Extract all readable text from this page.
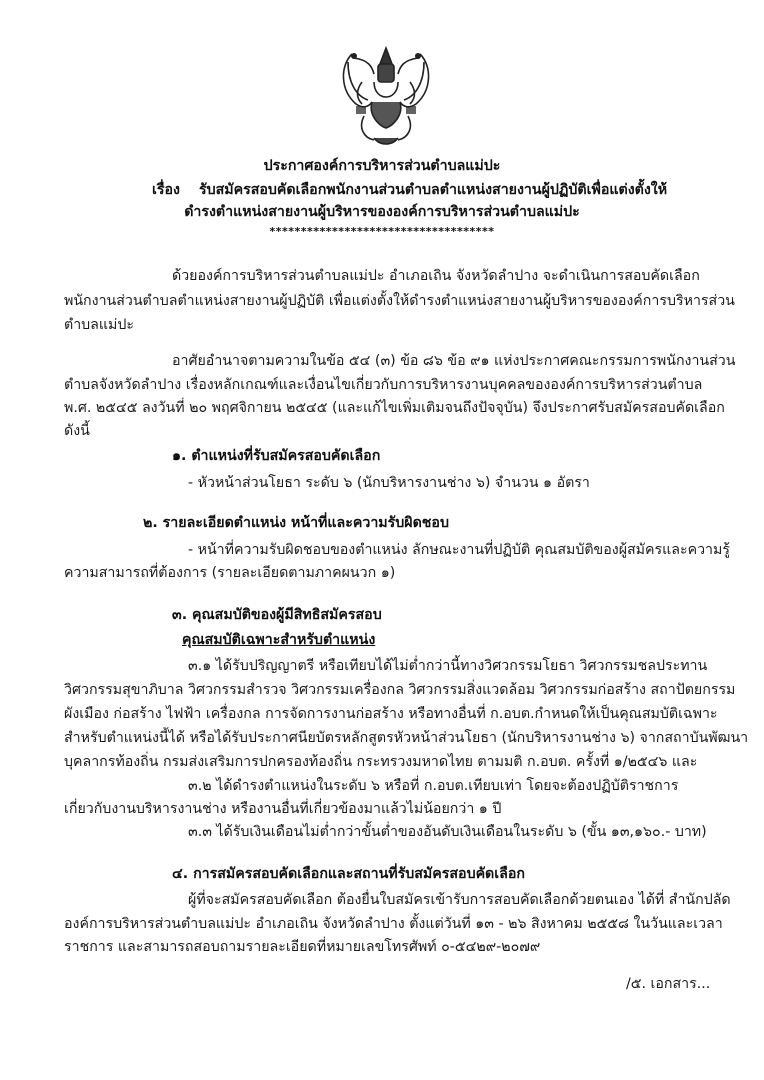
ประกาศองค์การบริหารส่วนตำบลแม่ปะ
เรื่อง รับสมัครสอบคัดเลือกพนักงานส่วนตำบลตำแหน่งสายงานผู้ปฏิบัติเพื่อแต่งตั้งให้
ดำรงตำแหน่งสายงานผู้บริหารขององค์การบริหารส่วนตำบลแม่ปะ
************************************
ด้วยองค์การบริหารส่วนตำบลแม่ปะ อำเภอเถิน จังหวัดลำปาง จะดำเนินการสอบคัดเลือก
พนักงานส่วนตำบลตำแหน่งสายงานผู้ปฏิบัติ เพื่อแต่งตั้งให้ดำรงตำแหน่งสายงานผู้บริหารขององค์การบริหารส่วน
ตำบลแม่ปะ
อาศัยอำนาจตามความในข้อ ๕๔ (๓) ข้อ ๘๖ ข้อ ๙๑ แห่งประกาศคณะกรรมการพนักงานส่วน
ตำบลจังหวัดลำปาง เรื่องหลักเกณฑ์และเงื่อนไขเกี่ยวกับการบริหารงานบุคคลขององค์การบริหารส่วนตำบล
พ.ศ. ๒๕๔๕ ลงวันที่ ๒๐ พฤศจิกายน ๒๕๔๕ (และแก้ไขเพิ่มเติมจนถึงปัจจุบัน) จึงประกาศรับสมัครสอบคัดเลือก
ดังนี้
๑. ตำแหน่งที่รับสมัครสอบคัดเลือก
- หัวหน้าส่วนโยธา ระดับ ๖ (นักบริหารงานช่าง ๖) จำนวน ๑ อัตรา
๒. รายละเอียดตำแหน่ง หน้าที่และความรับผิดชอบ
- หน้าที่ความรับผิดชอบของตำแหน่ง ลักษณะงานที่ปฏิบัติ คุณสมบัติของผู้สมัครและความรู้
ความสามารถที่ต้องการ (รายละเอียดตามภาคผนวก ๑)
๓. คุณสมบัติของผู้มีสิทธิสมัครสอบ
คุณสมบัติเฉพาะสำหรับตำแหน่ง
๓.๑ ได้รับปริญญาตรี หรือเทียบได้ไม่ต่ำกว่านี้ทางวิศวกรรมโยธา วิศวกรรมชลประทาน
วิศวกรรมสุขาภิบาล วิศวกรรมสำรวจ วิศวกรรมเครื่องกล วิศวกรรมสิ่งแวดล้อม วิศวกรรมก่อสร้าง สถาปัตยกรรม
ผังเมือง ก่อสร้าง ไฟฟ้า เครื่องกล การจัดการงานก่อสร้าง หรือทางอื่นที่ ก.อบต.กำหนดให้เป็นคุณสมบัติเฉพาะ
สำหรับตำแหน่งนี้ได้ หรือได้รับประกาศนียบัตรหลักสูตรหัวหน้าส่วนโยธา (นักบริหารงานช่าง ๖) จากสถาบันพัฒนา
บุคลากรท้องถิ่น กรมส่งเสริมการปกครองท้องถิ่น กระทรวงมหาดไทย ตามมติ ก.อบต. ครั้งที่ ๑/๒๕๔๖ และ
๓.๒ ได้ดำรงตำแหน่งในระดับ ๖ หรือที่ ก.อบต.เทียบเท่า โดยจะต้องปฏิบัติราชการ
เกี่ยวกับงานบริหารงานช่าง หรืองานอื่นที่เกี่ยวข้องมาแล้วไม่น้อยกว่า ๑ ปี
๓.๓ ได้รับเงินเดือนไม่ต่ำกว่าขั้นต่ำของอันดับเงินเดือนในระดับ ๖ (ขั้น ๑๓,๑๖๐.- บาท)
๔. การสมัครสอบคัดเลือกและสถานที่รับสมัครสอบคัดเลือก
ผู้ที่จะสมัครสอบคัดเลือก ต้องยื่นใบสมัครเข้ารับการสอบคัดเลือกด้วยตนเอง ได้ที่ สำนักปลัด
องค์การบริหารส่วนตำบลแม่ปะ อำเภอเถิน จังหวัดลำปาง ตั้งแต่วันที่ ๑๓ - ๒๖ สิงหาคม ๒๕๕๘ ในวันและเวลา
ราชการ และสามารถสอบถามรายละเอียดที่หมายเลขโทรศัพท์ ๐-๕๔๒๙-๒๐๗๙
/๕. เอกสาร...
